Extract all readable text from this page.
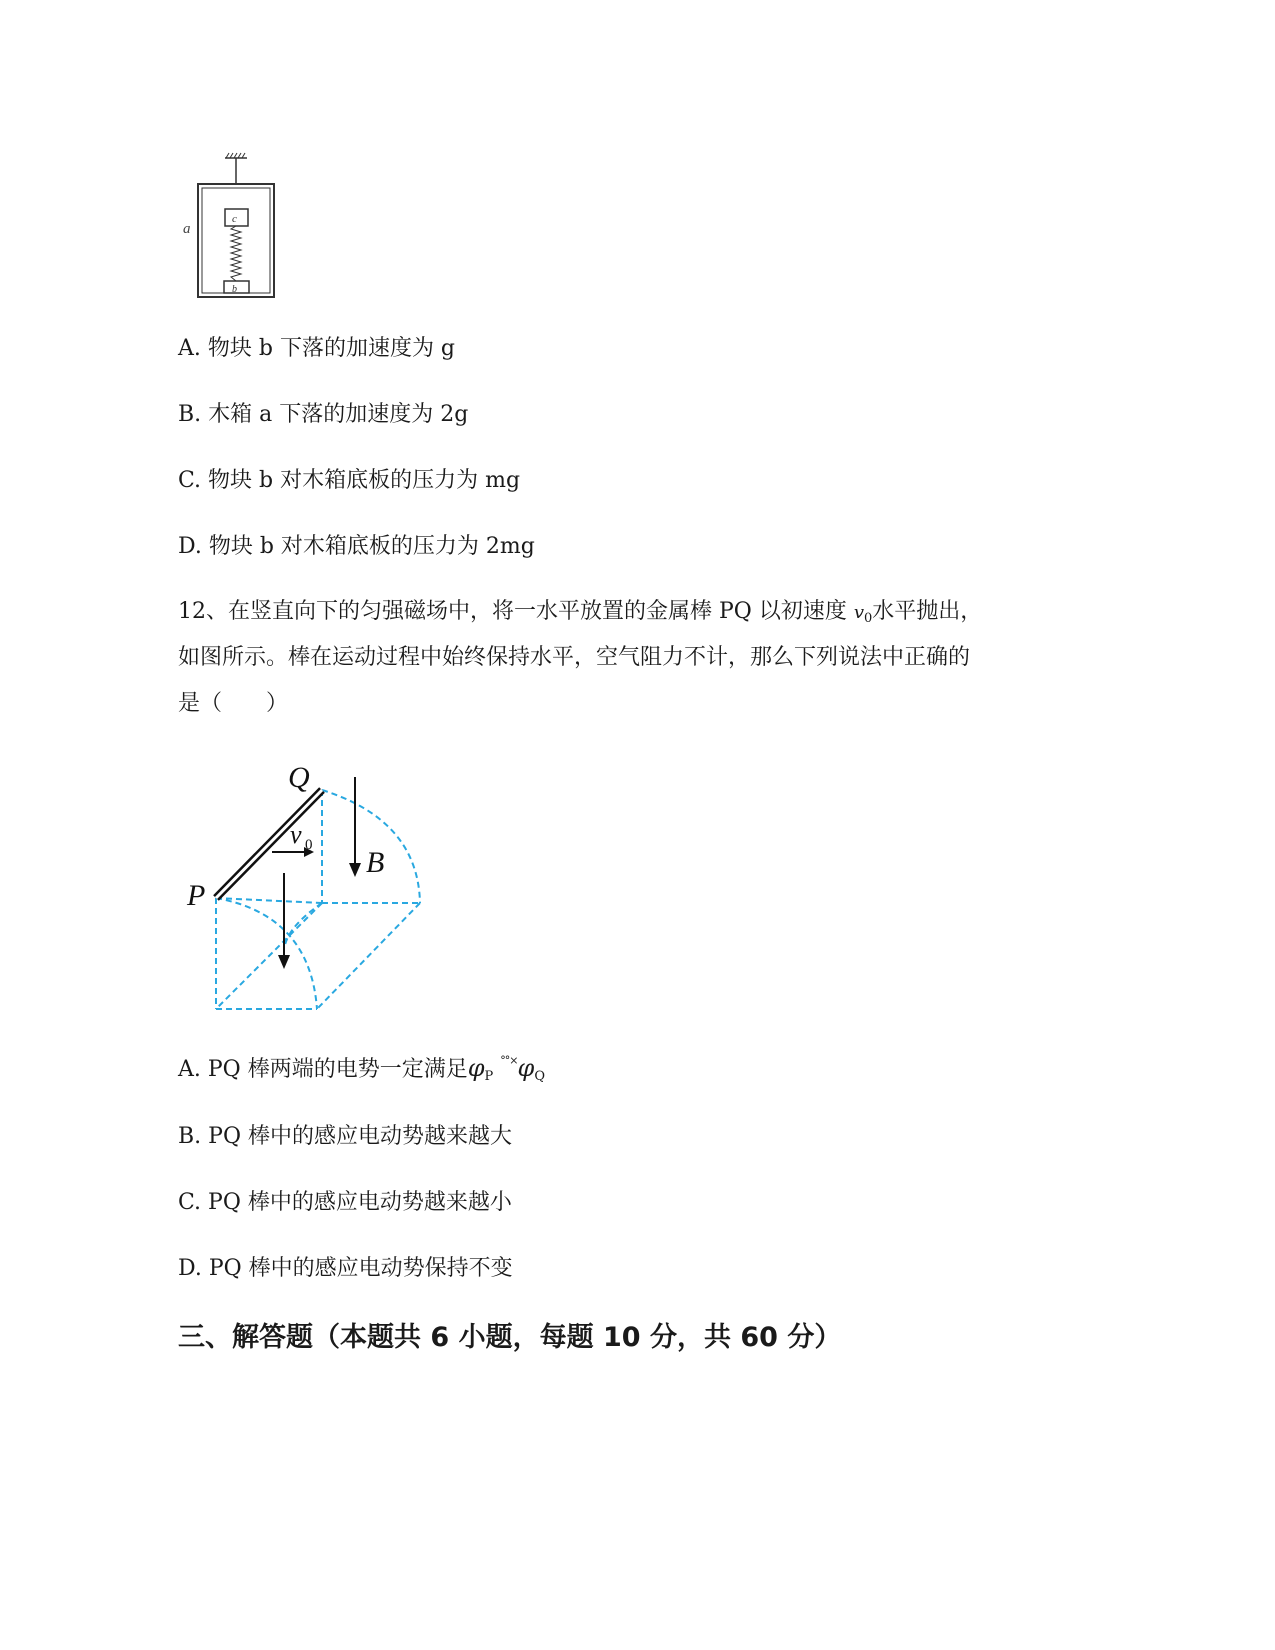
c
b
a
A. 物块 b 下落的加速度为 g
B. 木箱 a 下落的加速度为 2g
C. 物块 b 对木箱底板的压力为 mg
D. 物块 b 对木箱底板的压力为 2mg
12、在竖直向下的匀强磁场中，将一水平放置的金属棒 PQ 以初速度 $v_0$水平抛出，
如图所示。棒在运动过程中始终保持水平，空气阻力不计，那么下列说法中正确的
是（　　）
Q
P
v 0
B
A. PQ 棒两端的电势一定满足$\varphi_P$ $^{^\circ^\circ\times}\varphi_Q$
B. PQ 棒中的感应电动势越来越大
C. PQ 棒中的感应电动势越来越小
D. PQ 棒中的感应电动势保持不变
三、解答题（本题共 6 小题，每题 10 分，共 60 分）
